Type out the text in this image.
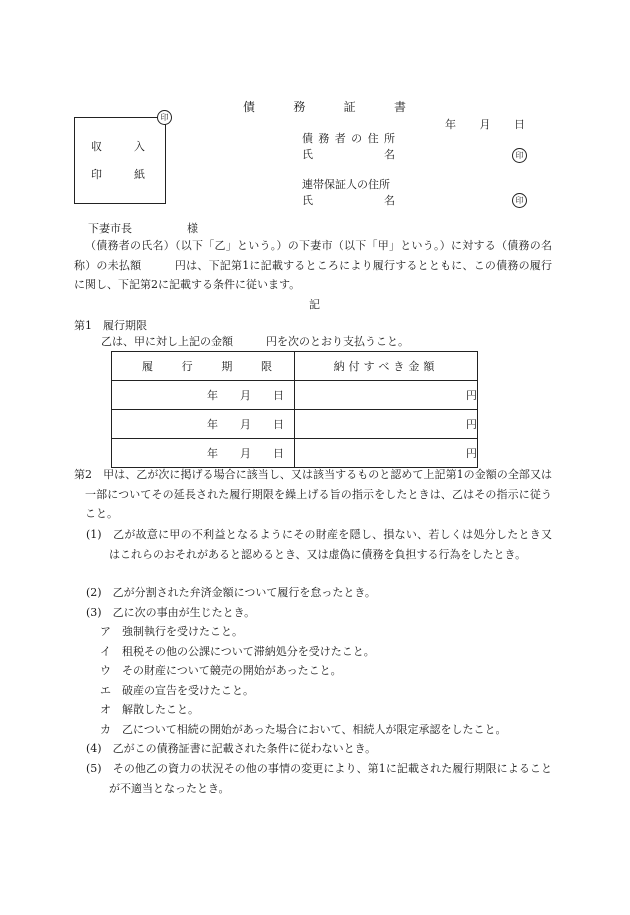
債	務	証	書
年 月 日
収	入
印	紙
印
債 務 者 の 住 所
氏	名	印
連帯保証人の住所
氏	名	印
下妻市長	様
（債務者の氏名）（以下「乙」という。）の下妻市（以下「甲」という。）に対する（債務の名称）の未払額　　　円は、下記第1に記載するところにより履行するとともに、この債務の履行に関し、下記第2に記載する条件に従います。
記
第1　履行期限
乙は、甲に対し上記の金額　　　円を次のとおり支払うこと。
履 行 期 限	納付すべき金額

年 月 日	円

年 月 日	円

年 月 日	円
第2　甲は、乙が次に掲げる場合に該当し、又は該当するものと認めて上記第1の金額の全部又は一部についてその延長された履行期限を繰上げる旨の指示をしたときは、乙はその指示に従うこと。
(1)　乙が故意に甲の不利益となるようにその財産を隠し、損ない、若しくは処分したとき又はこれらのおそれがあると認めるとき、又は虚偽に債務を負担する行為をしたとき。
(2)　乙が分割された弁済金額について履行を怠ったとき。
(3)　乙に次の事由が生じたとき。
ア　強制執行を受けたこと。
イ　租税その他の公課について滞納処分を受けたこと。
ウ　その財産について競売の開始があったこと。
エ　破産の宣告を受けたこと。
オ　解散したこと。
カ　乙について相続の開始があった場合において、相続人が限定承認をしたこと。
(4)　乙がこの債務証書に記載された条件に従わないとき。
(5)　その他乙の資力の状況その他の事情の変更により、第1に記載された履行期限によることが不適当となったとき。
